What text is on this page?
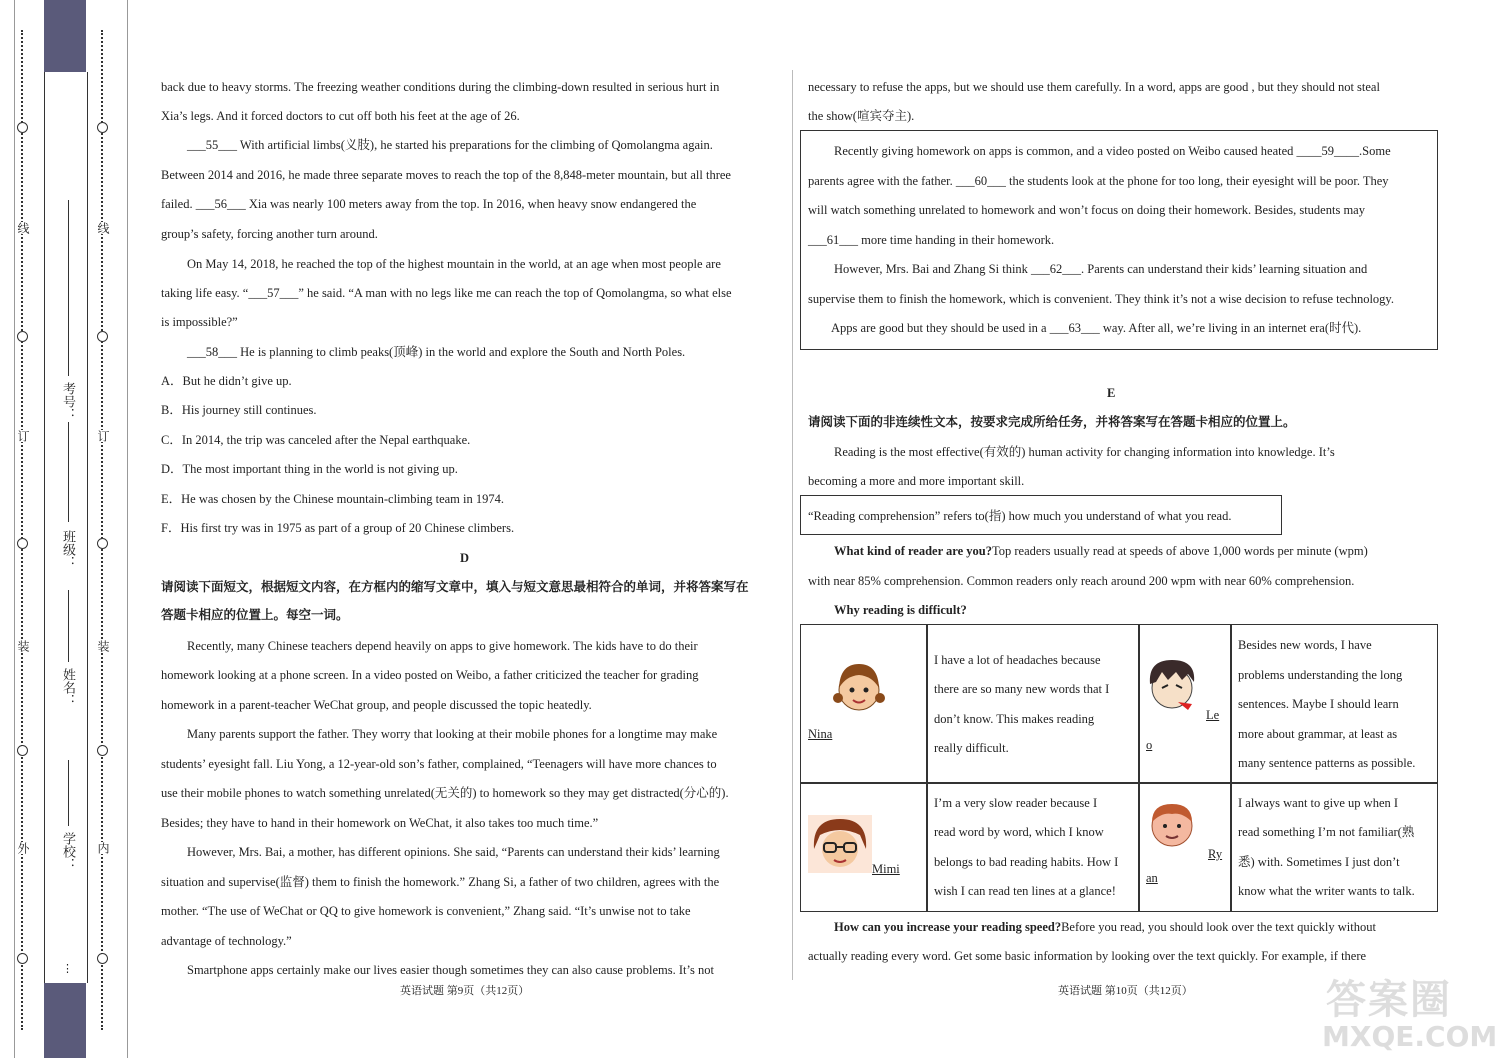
外
装
订
线
内
装
订
线
学校：
姓名：
班级：
考号：
⋮
back due to heavy storms. The freezing weather conditions during the climbing-down resulted in serious hurt in
Xia’s legs. And it forced doctors to cut off both his feet at the age of 26.
___55___ With artificial limbs(义肢), he started his preparations for the climbing of Qomolangma again.
Between 2014 and 2016, he made three separate moves to reach the top of the 8,848-meter mountain, but all three
failed. ___56___ Xia was nearly 100 meters away from the top. In 2016, when heavy snow endangered the
group’s safety, forcing another turn around.
On May 14, 2018, he reached the top of the highest mountain in the world, at an age when most people are
taking life easy. “___57___” he said. “A man with no legs like me can reach the top of Qomolangma, so what else
is impossible?”
___58___ He is planning to climb peaks(顶峰) in the world and explore the South and North Poles.
A．But he didn’t give up.
B．His journey still continues.
C．In 2014, the trip was canceled after the Nepal earthquake.
D．The most important thing in the world is not giving up.
E．He was chosen by the Chinese mountain-climbing team in 1974.
F．His first try was in 1975 as part of a group of 20 Chinese climbers.
D
请阅读下面短文，根据短文内容，在方框内的缩写文章中，填入与短文意思最相符合的单词，并将答案写在
答题卡相应的位置上。每空一词。
Recently, many Chinese teachers depend heavily on apps to give homework. The kids have to do their
homework looking at a phone screen. In a video posted on Weibo, a father criticized the teacher for grading
homework in a parent-teacher WeChat group, and people discussed the topic heatedly.
Many parents support the father. They worry that looking at their mobile phones for a longtime may make
students’ eyesight fall. Liu Yong, a 12-year-old son’s father, complained, “Teenagers will have more chances to
use their mobile phones to watch something unrelated(无关的) to homework so they may get distracted(分心的).
Besides; they have to hand in their homework on WeChat, it also takes too much time.”
However, Mrs. Bai, a mother, has different opinions. She said, “Parents can understand their kids’ learning
situation and supervise(监督) them to finish the homework.” Zhang Si, a father of two children, agrees with the
mother. “The use of WeChat or QQ to give homework is convenient,” Zhang said. “It’s unwise not to take
advantage of technology.”
Smartphone apps certainly make our lives easier though sometimes they can also cause problems. It’s not
英语试题 第9页（共12页）
necessary to refuse the apps, but we should use them carefully. In a word, apps are good , but they should not steal
the show(喧宾夺主).
Recently giving homework on apps is common, and a video posted on Weibo caused heated ____59____.Some
parents agree with the father. ___60___ the students look at the phone for too long, their eyesight will be poor. They
will watch something unrelated to homework and won’t focus on doing their homework. Besides, students may
___61___ more time handing in their homework.
However, Mrs. Bai and Zhang Si think ___62___. Parents can understand their kids’ learning situation and
supervise them to finish the homework, which is convenient. They think it’s not a wise decision to refuse technology.
Apps are good but they should be used in a ___63___ way. After all, we’re living in an internet era(时代).
E
请阅读下面的非连续性文本，按要求完成所给任务，并将答案写在答题卡相应的位置上。
Reading is the most effective(有效的) human activity for changing information into knowledge. It’s
becoming a more and more important skill.
“Reading comprehension” refers to(指) how much you understand of what you read.
What kind of reader are you?Top readers usually read at speeds of above 1,000 words per minute (wpm)
with near 85% comprehension. Common readers only reach around 200 wpm with near 60% comprehension.
Why reading is difficult?
Nina
Le
o
Mimi
Ry
an
I have a lot of headaches because
there are so many new words that I
don’t know. This makes reading
really difficult.
Besides new words, I have
problems understanding the long
sentences. Maybe I should learn
more about grammar, at least as
many sentence patterns as possible.
I’m a very slow reader because I
read word by word, which I know
belongs to bad reading habits. How I
wish I can read ten lines at a glance!
I always want to give up when I
read something I’m not familiar(熟
悉) with. Sometimes I just don’t
know what the writer wants to talk.
How can you increase your reading speed?Before you read, you should look over the text quickly without
actually reading every word. Get some basic information by looking over the text quickly. For example, if there
英语试题 第10页（共12页）	答案圈
MXQE.COM
